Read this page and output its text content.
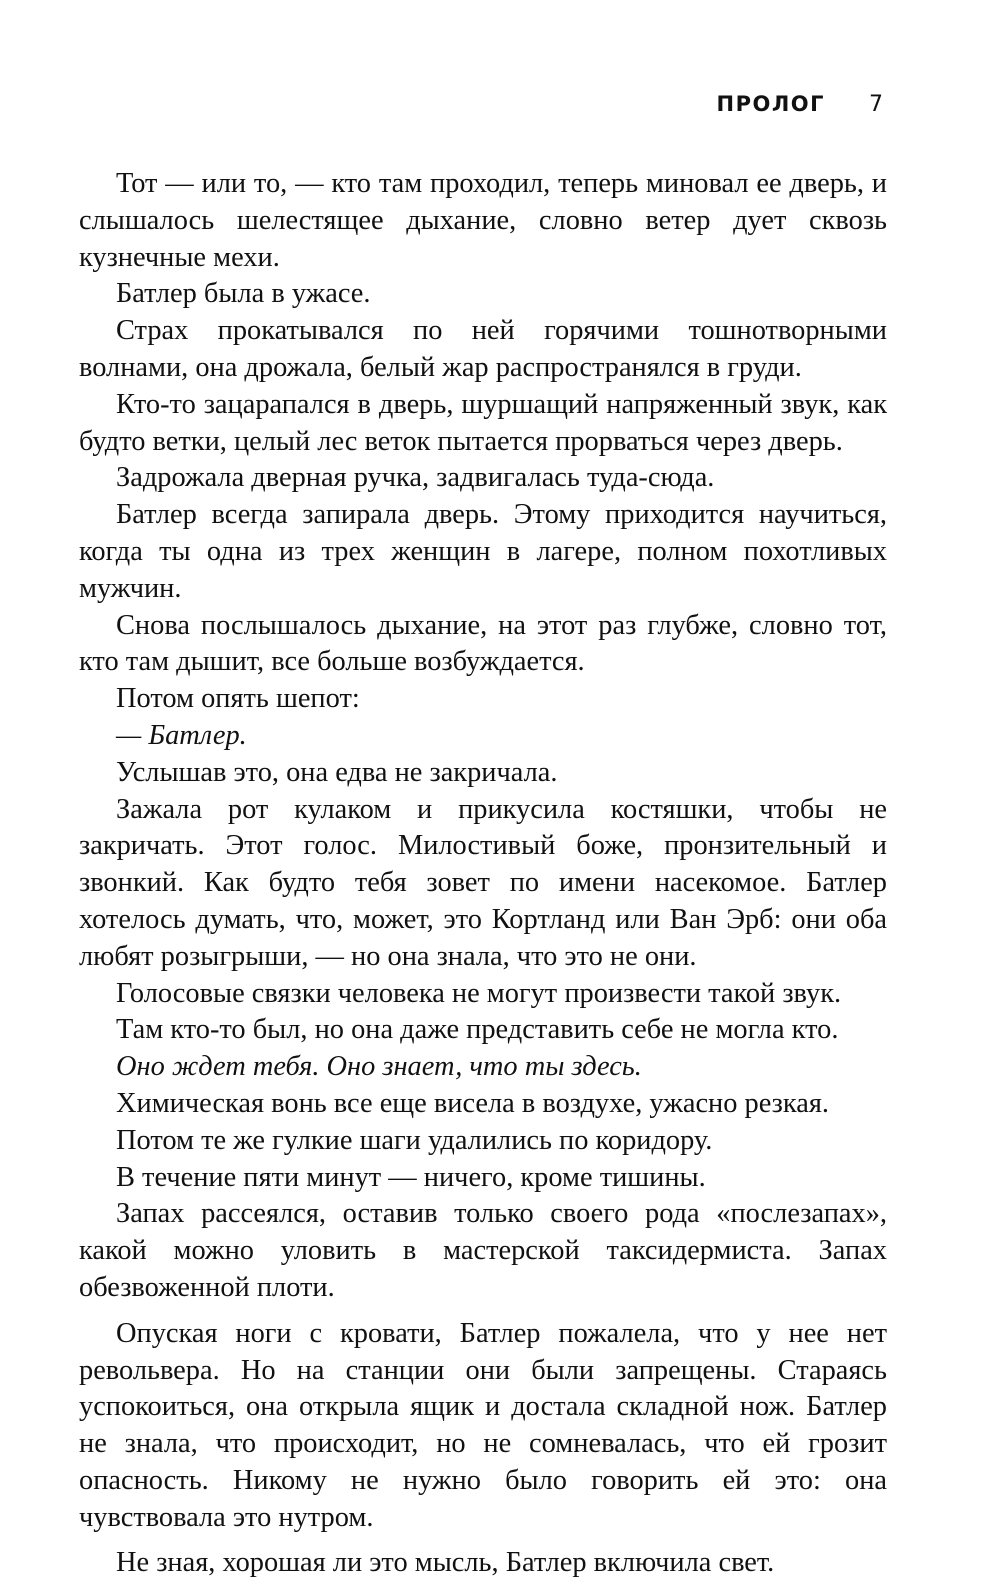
ПРОЛОГ 7

Тот — или то, — кто там проходил, теперь миновал ее дверь, и слышалось шелестящее дыхание, словно ветер дует сквозь кузнечные мехи.

Батлер была в ужасе.

Страх прокатывался по ней горячими тошнотворными волнами, она дрожала, белый жар распространялся в груди.

Кто-то зацарапался в дверь, шуршащий напряженный звук, как будто ветки, целый лес веток пытается прорваться через дверь.

Задрожала дверная ручка, задвигалась туда-сюда.

Батлер всегда запирала дверь. Этому приходится научиться, когда ты одна из трех женщин в лагере, полном похотливых мужчин.

Снова послышалось дыхание, на этот раз глубже, словно тот, кто там дышит, все больше возбуждается.

Потом опять шепот:

— Батлер.

Услышав это, она едва не закричала.

Зажала рот кулаком и прикусила костяшки, чтобы не закричать. Этот голос. Милостивый боже, пронзительный и звонкий. Как будто тебя зовет по имени насекомое. Батлер хотелось думать, что, может, это Кортланд или Ван Эрб: они оба любят розыгрыши, — но она знала, что это не они.

Голосовые связки человека не могут произвести такой звук.

Там кто-то был, но она даже представить себе не могла кто.

Оно ждет тебя. Оно знает, что ты здесь.

Химическая вонь все еще висела в воздухе, ужасно резкая.

Потом те же гулкие шаги удалились по коридору.

В течение пяти минут — ничего, кроме тишины.

Запах рассеялся, оставив только своего рода «послезапах», какой можно уловить в мастерской таксидермиста. Запах обезвоженной плоти.

Опуская ноги с кровати, Батлер пожалела, что у нее нет револьвера. Но на станции они были запрещены. Стараясь успокоиться, она открыла ящик и достала складной нож. Батлер не знала, что происходит, но не сомневалась, что ей грозит опасность. Никому не нужно было говорить ей это: она чувствовала это нутром.

Не зная, хорошая ли это мысль, Батлер включила свет.
